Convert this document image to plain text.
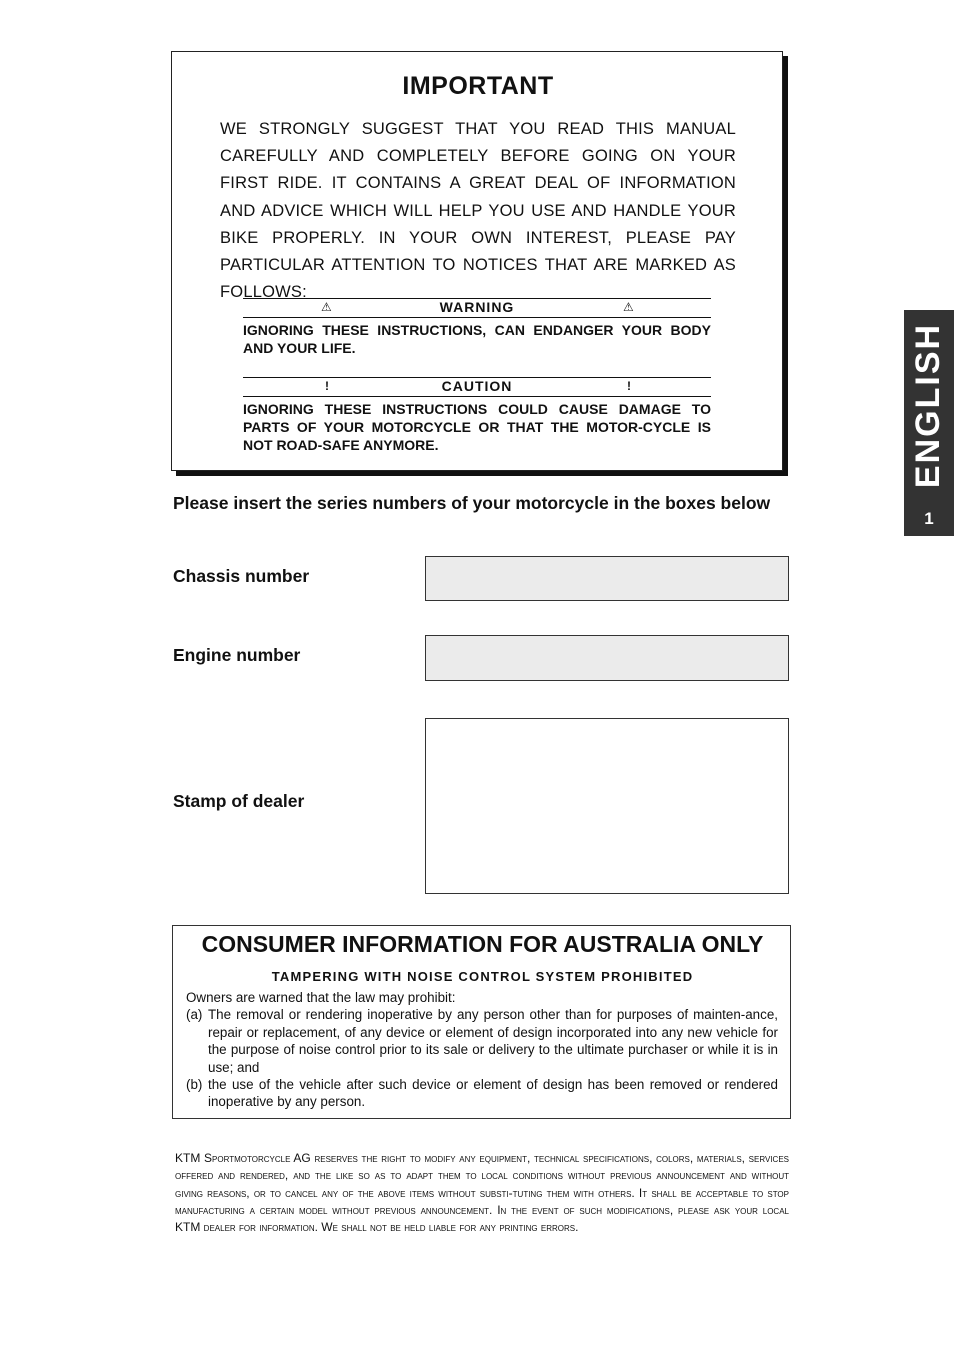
IMPORTANT
WE STRONGLY SUGGEST THAT YOU READ THIS MANUAL CAREFULLY AND COMPLETELY BEFORE GOING ON YOUR FIRST RIDE. IT CONTAINS A GREAT DEAL OF INFORMATION AND ADVICE WHICH WILL HELP YOU USE AND HANDLE YOUR BIKE PROPERLY. IN YOUR OWN INTEREST, PLEASE PAY PARTICULAR ATTENTION TO NOTICES THAT ARE MARKED AS FOLLOWS:
⚠	WARNING	⚠
IGNORING THESE INSTRUCTIONS, CAN ENDANGER YOUR BODY AND YOUR LIFE.
!	CAUTION	!
IGNORING THESE INSTRUCTIONS COULD CAUSE DAMAGE TO PARTS OF YOUR MOTORCYCLE OR THAT THE MOTOR-CYCLE IS NOT ROAD-SAFE ANYMORE.
Please insert the series numbers of your motorcycle in the boxes below
Chassis number
Engine number
Stamp of dealer
CONSUMER INFORMATION FOR AUSTRALIA ONLY
TAMPERING WITH NOISE CONTROL SYSTEM PROHIBITED
Owners are warned that the law may prohibit:
(a) The removal or rendering inoperative by any person other than for purposes of mainten-ance, repair or replacement, of any device or element of design incorporated into any new vehicle for the purpose of noise control prior to its sale or delivery to the ultimate purchaser or while it is in use; and
(b) the use of the vehicle after such device or element of design has been removed or rendered inoperative by any person.
KTM Sportmotorcycle AG reserves the right to modify any equipment, technical specifications, colors, materials, services offered and rendered, and the like so as to adapt them to local conditions without previous announcement and without giving reasons, or to cancel any of the above items without substi-tuting them with others. It shall be acceptable to stop manufacturing a certain model without previous announcement. In the event of such modifications, please ask your local KTM dealer for information. We shall not be held liable for any printing errors.
ENGLISH
1
